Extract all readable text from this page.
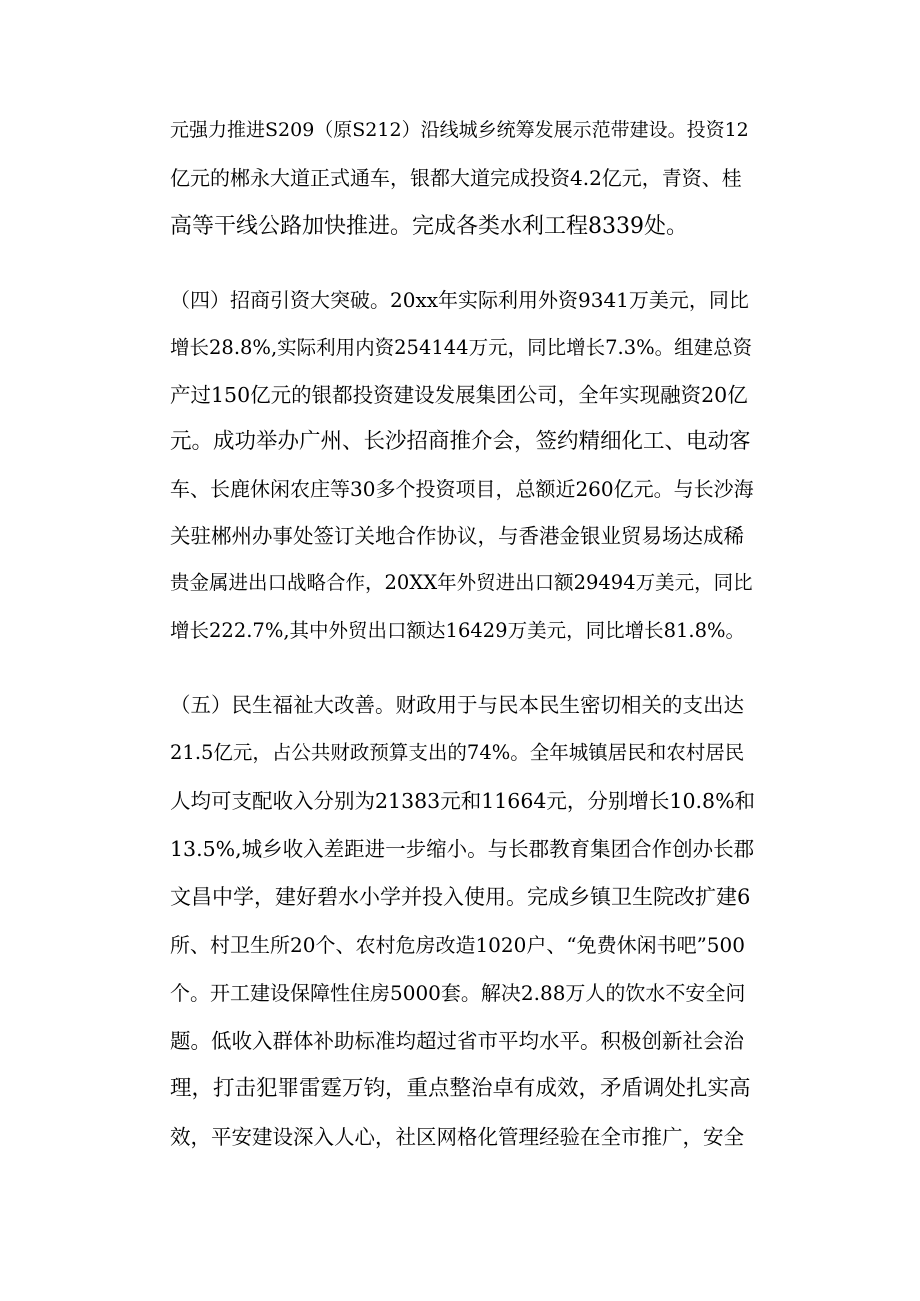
元强力推进S209（原S212）沿线城乡统筹发展示范带建设。投资12
亿元的郴永大道正式通车，银都大道完成投资4.2亿元，青资、桂
高等干线公路加快推进。完成各类水利工程8339处。
（四）招商引资大突破。20xx年实际利用外资9341万美元，同比
增长28.8%,实际利用内资254144万元，同比增长7.3%。组建总资
产过150亿元的银都投资建设发展集团公司，全年实现融资20亿
元。成功举办广州、长沙招商推介会，签约精细化工、电动客
车、长鹿休闲农庄等30多个投资项目，总额近260亿元。与长沙海
关驻郴州办事处签订关地合作协议，与香港金银业贸易场达成稀
贵金属进出口战略合作，20XX年外贸进出口额29494万美元，同比
增长222.7%,其中外贸出口额达16429万美元，同比增长81.8%。
（五）民生福祉大改善。财政用于与民本民生密切相关的支出达
21.5亿元，占公共财政预算支出的74%。全年城镇居民和农村居民
人均可支配收入分别为21383元和11664元，分别增长10.8%和
13.5%,城乡收入差距进一步缩小。与长郡教育集团合作创办长郡
文昌中学，建好碧水小学并投入使用。完成乡镇卫生院改扩建6
所、村卫生所20个、农村危房改造1020户、“免费休闲书吧”500
个。开工建设保障性住房5000套。解决2.88万人的饮水不安全问
题。低收入群体补助标准均超过省市平均水平。积极创新社会治
理，打击犯罪雷霆万钧，重点整治卓有成效，矛盾调处扎实高
效，平安建设深入人心，社区网格化管理经验在全市推广，安全
